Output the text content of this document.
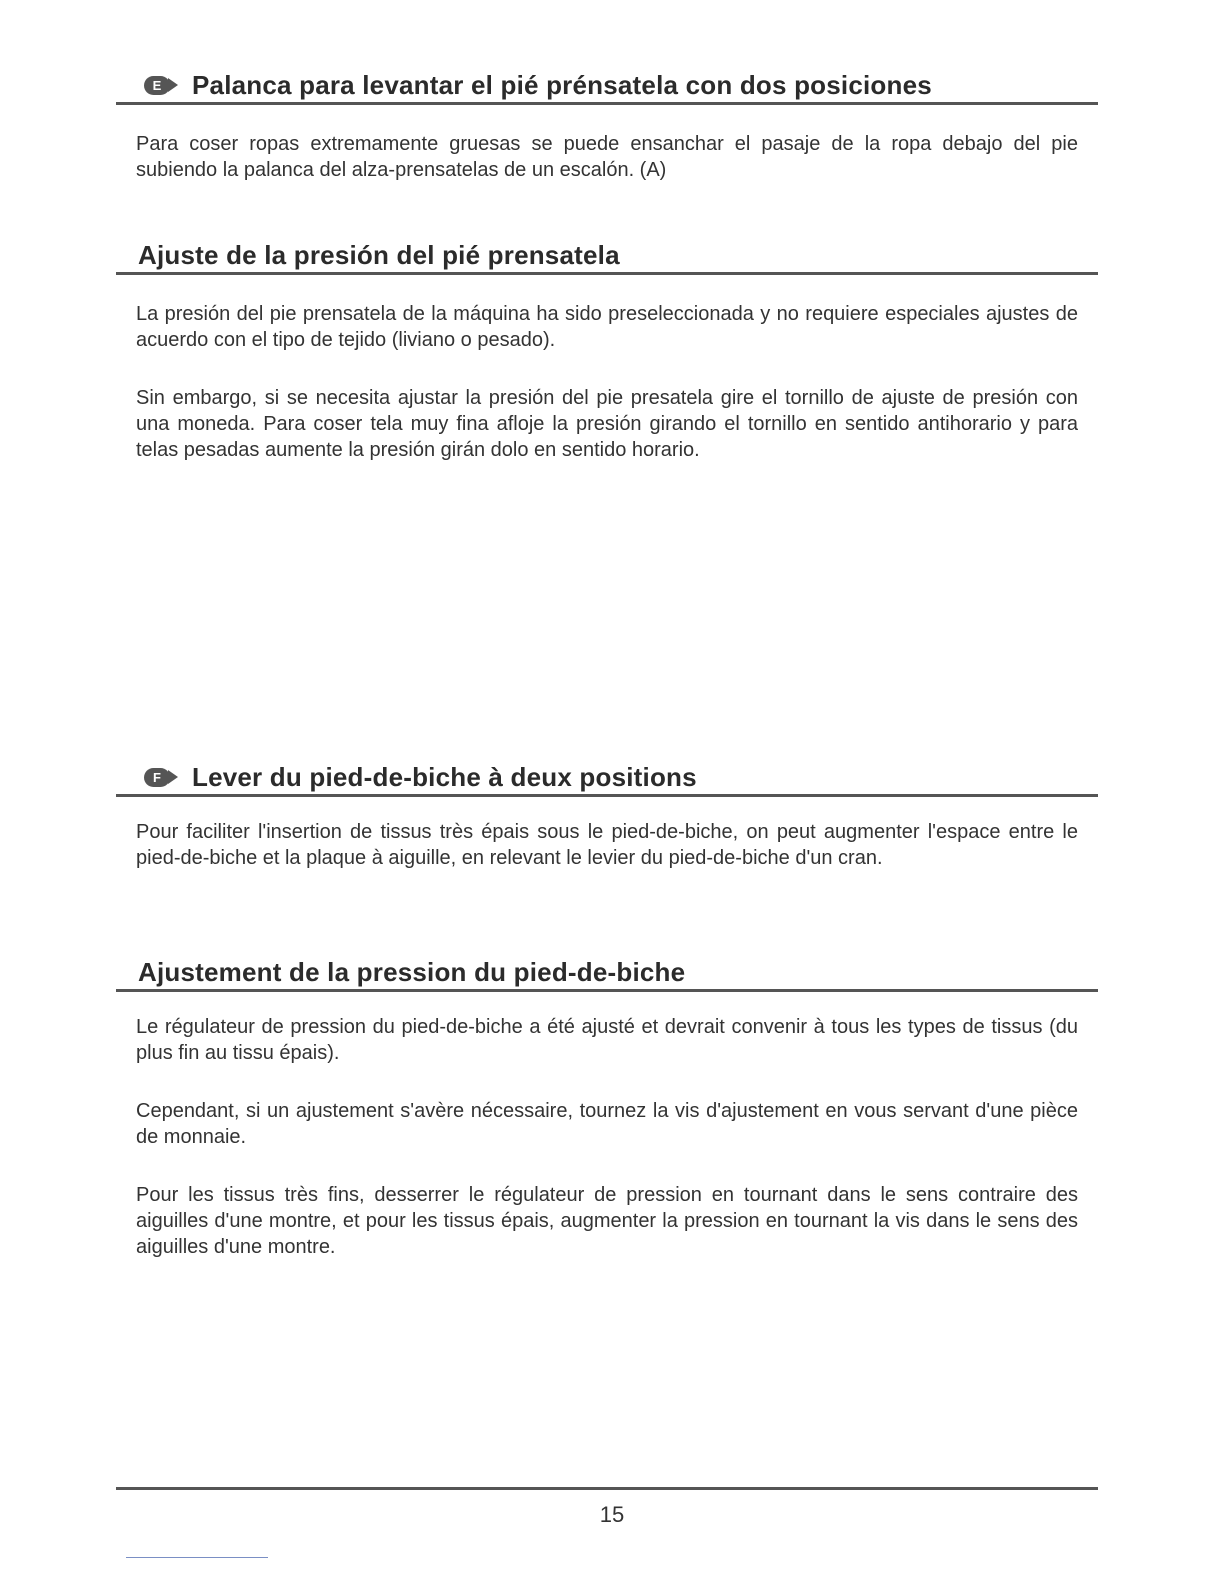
E	Palanca para levantar el pié prénsatela con dos posiciones

Para coser ropas extremamente gruesas se puede ensanchar el pasaje de la ropa debajo del pie subiendo la palanca del alza-prensatelas de un escalón. (A)

Ajuste de la presión del pié prensatela

La presión del pie prensatela de la máquina ha sido preseleccionada y no requiere especiales ajustes de acuerdo con el tipo de tejido (liviano o pesado).

Sin embargo, si se necesita ajustar la presión del pie presatela gire el tornillo de ajuste de presión con una moneda. Para coser tela muy fina afloje la presión girando el tornillo en sentido antihorario y para telas pesadas aumente la presión girán dolo en sentido horario.

F	Lever du pied-de-biche à deux positions

Pour faciliter l'insertion de tissus très épais sous le pied-de-biche, on peut augmenter l'espace entre le pied-de-biche et la plaque à aiguille, en relevant le levier du pied-de-biche d'un cran.

Ajustement de la pression du pied-de-biche

Le régulateur de pression du pied-de-biche a été ajusté et devrait convenir à tous les types de tissus (du plus fin au tissu épais).

Cependant, si un ajustement s'avère nécessaire, tournez la vis d'ajustement en vous servant d'une pièce de monnaie.

Pour les tissus très fins, desserrer le régulateur de pression en tournant dans le sens contraire des aiguilles d'une montre, et pour les tissus épais, augmenter la pression en tournant la vis dans le sens des aiguilles d'une montre.

15
